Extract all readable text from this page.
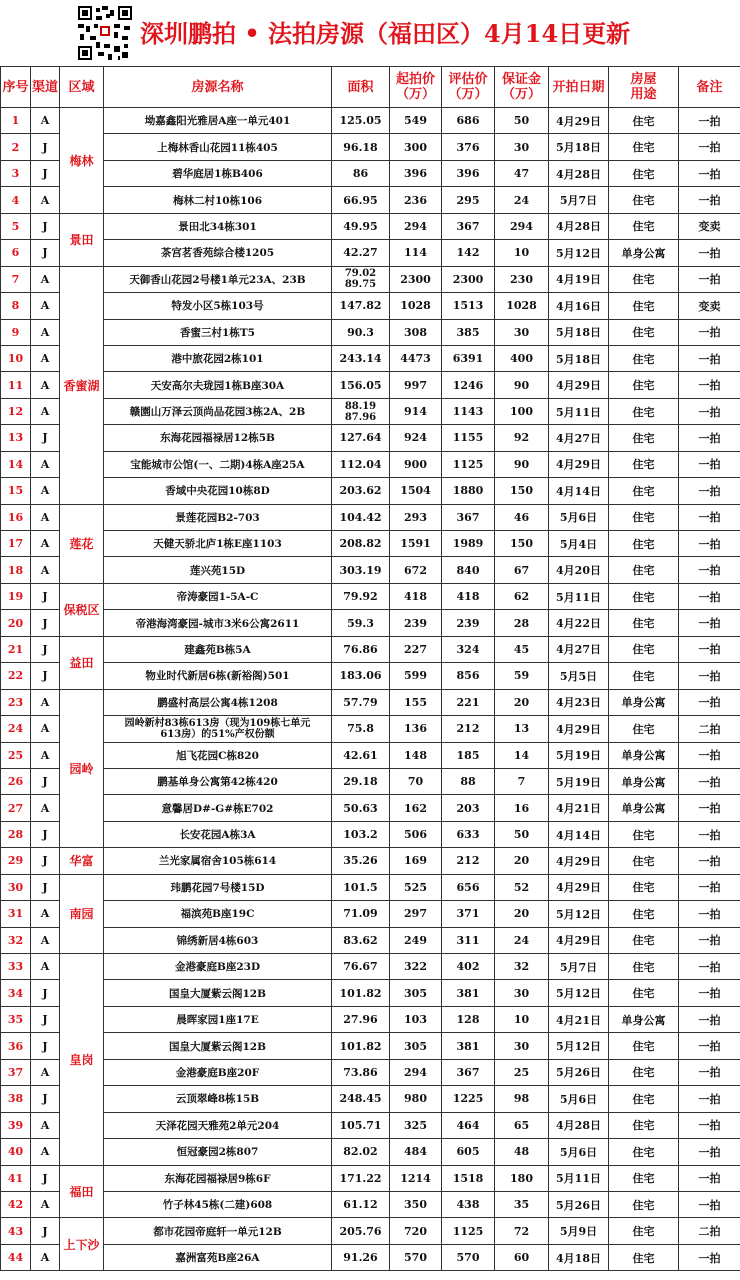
深圳鹏拍 • 法拍房源（福田区）4月14日更新
序号	渠道	区域	房源名称	面积	起拍价
（万）	评估价
（万）	保证金
（万）	开拍日期	房屋
用途	备注
1	A	梅林	坳嘉鑫阳光雅居A座一单元401	125.05	549	686	50	4月29日	住宅	一拍
2	J		上梅林香山花园11栋405	96.18	300	376	30	5月18日	住宅	一拍
3	J		碧华庭居1栋B406	86	396	396	47	4月28日	住宅	一拍
4	A		梅林二村10栋106	66.95	236	295	24	5月7日	住宅	一拍
5	J	景田	景田北34栋301	49.95	294	367	294	4月28日	住宅	变卖
6	J		茶宫茗香苑综合楼1205	42.27	114	142	10	5月12日	单身公寓	一拍
7	A	香蜜湖	天御香山花园2号楼1单元23A、23B	79.02
89.75	2300	2300	230	4月19日	住宅	一拍
8	A		特发小区5栋103号	147.82	1028	1513	1028	4月16日	住宅	变卖
9	A		香蜜三村1栋T5	90.3	308	385	30	5月18日	住宅	一拍
10	A		港中旅花园2栋101	243.14	4473	6391	400	5月18日	住宅	一拍
11	A		天安高尔夫珑园1栋B座30A	156.05	997	1246	90	4月29日	住宅	一拍
12	A		赣園山万泽云顶尚品花园3栋2A、2B	88.19
87.96	914	1143	100	5月11日	住宅	一拍
13	J		东海花园福禄居12栋5B	127.64	924	1155	92	4月27日	住宅	一拍
14	A		宝能城市公馆(一、二期)4栋A座25A	112.04	900	1125	90	4月29日	住宅	一拍
15	A		香域中央花园10栋8D	203.62	1504	1880	150	4月14日	住宅	一拍
16	A	莲花	景莲花园B2-703	104.42	293	367	46	5月6日	住宅	一拍
17	A		天健天骄北庐1栋E座1103	208.82	1591	1989	150	5月4日	住宅	一拍
18	A		莲兴苑15D	303.19	672	840	67	4月20日	住宅	一拍
19	J	保税区	帝涛豪园1-5A-C	79.92	418	418	62	5月11日	住宅	一拍
20	J		帝港海湾豪园-城市3米6公寓2611	59.3	239	239	28	4月22日	住宅	一拍
21	J	益田	建鑫苑B栋5A	76.86	227	324	45	4月27日	住宅	一拍
22	J		物业时代新居6栋(新裕阁)501	183.06	599	856	59	5月5日	住宅	一拍
23	A	园岭	鹏盛村高层公寓4栋1208	57.79	155	221	20	4月23日	单身公寓	一拍
24	A		园岭新村83栋613房（现为109栋七单元
613房）的51%产权份额	75.8	136	212	13	4月29日	住宅	二拍
25	A		旭飞花园C栋820	42.61	148	185	14	5月19日	单身公寓	一拍
26	J		鹏基单身公寓第42栋420	29.18	70	88	7	5月19日	单身公寓	一拍
27	A		意馨居D#-G#栋E702	50.63	162	203	16	4月21日	单身公寓	一拍
28	J		长安花园A栋3A	103.2	506	633	50	4月14日	住宅	一拍
29	J	华富	兰光家属宿舍105栋614	35.26	169	212	20	4月29日	住宅	一拍
30	J	南园	玮鹏花园7号楼15D	101.5	525	656	52	4月29日	住宅	一拍
31	A		福滨苑B座19C	71.09	297	371	20	5月12日	住宅	一拍
32	A		锦绣新居4栋603	83.62	249	311	24	4月29日	住宅	一拍
33	A	皇岗	金港豪庭B座23D	76.67	322	402	32	5月7日	住宅	一拍
34	J		国皇大厦紫云阁12B	101.82	305	381	30	5月12日	住宅	一拍
35	J		晨晖家园1座17E	27.96	103	128	10	4月21日	单身公寓	一拍
36	J		国皇大厦紫云阁12B	101.82	305	381	30	5月12日	住宅	一拍
37	A		金港豪庭B座20F	73.86	294	367	25	5月26日	住宅	一拍
38	J		云顶翠峰8栋15B	248.45	980	1225	98	5月6日	住宅	一拍
39	A		天泽花园天雅苑2单元204	105.71	325	464	65	4月28日	住宅	一拍
40	A		恒冠豪园2栋807	82.02	484	605	48	5月6日	住宅	一拍
41	J	福田	东海花园福禄居9栋6F	171.22	1214	1518	180	5月11日	住宅	一拍
42	A		竹子林45栋(二建)608	61.12	350	438	35	5月26日	住宅	一拍
43	J	上下沙	都市花园帝庭轩一单元12B	205.76	720	1125	72	5月9日	住宅	二拍
44	A		嘉洲富苑B座26A	91.26	570	570	60	4月18日	住宅	一拍
